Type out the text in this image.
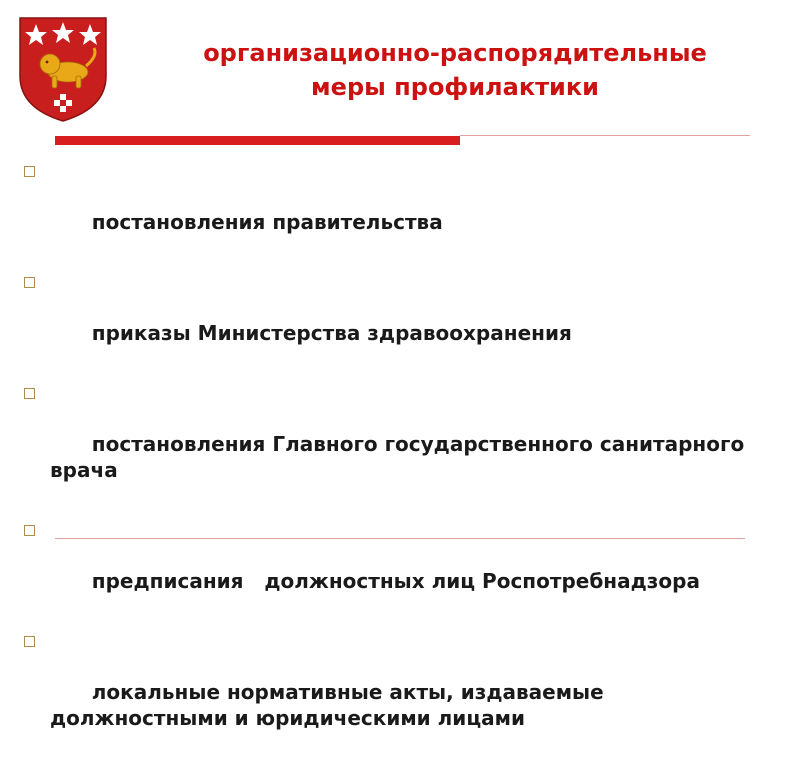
организационно-распорядительные
меры профилактики

постановления правительства

приказы Министерства здравоохранения

постановления Главного государственного санитарного врача

предписания   должностных лиц Роспотребнадзора

локальные нормативные акты, издаваемые должностными и юридическими лицами
